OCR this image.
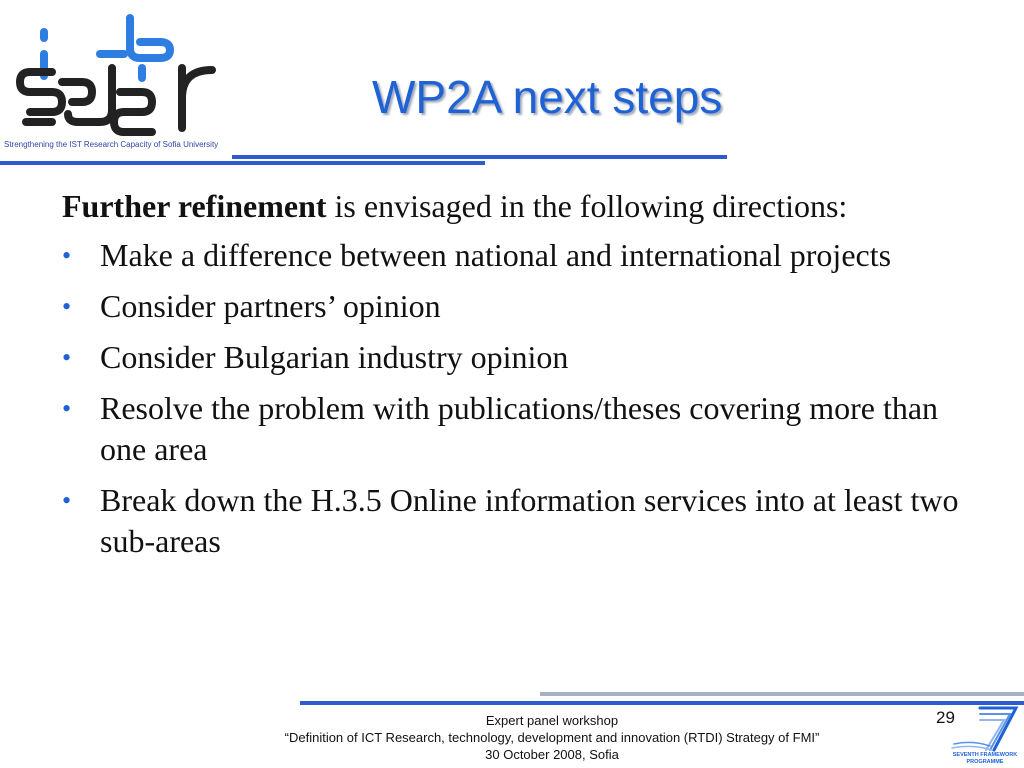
Strengthening the IST Research Capacity of Sofia University
WP2A next steps

Further refinement is envisaged in the following directions:

• Make a difference between national and international projects
• Consider partners’ opinion
• Consider Bulgarian industry opinion
• Resolve the problem with publications/theses covering more than one area
• Break down the H.3.5 Online information services into at least two sub-areas
Expert panel workshop
“Definition of ICT Research, technology, development and innovation (RTDI) Strategy of FMI”
30 October 2008, Sofia
29
SEVENTH FRAMEWORK
PROGRAMME
